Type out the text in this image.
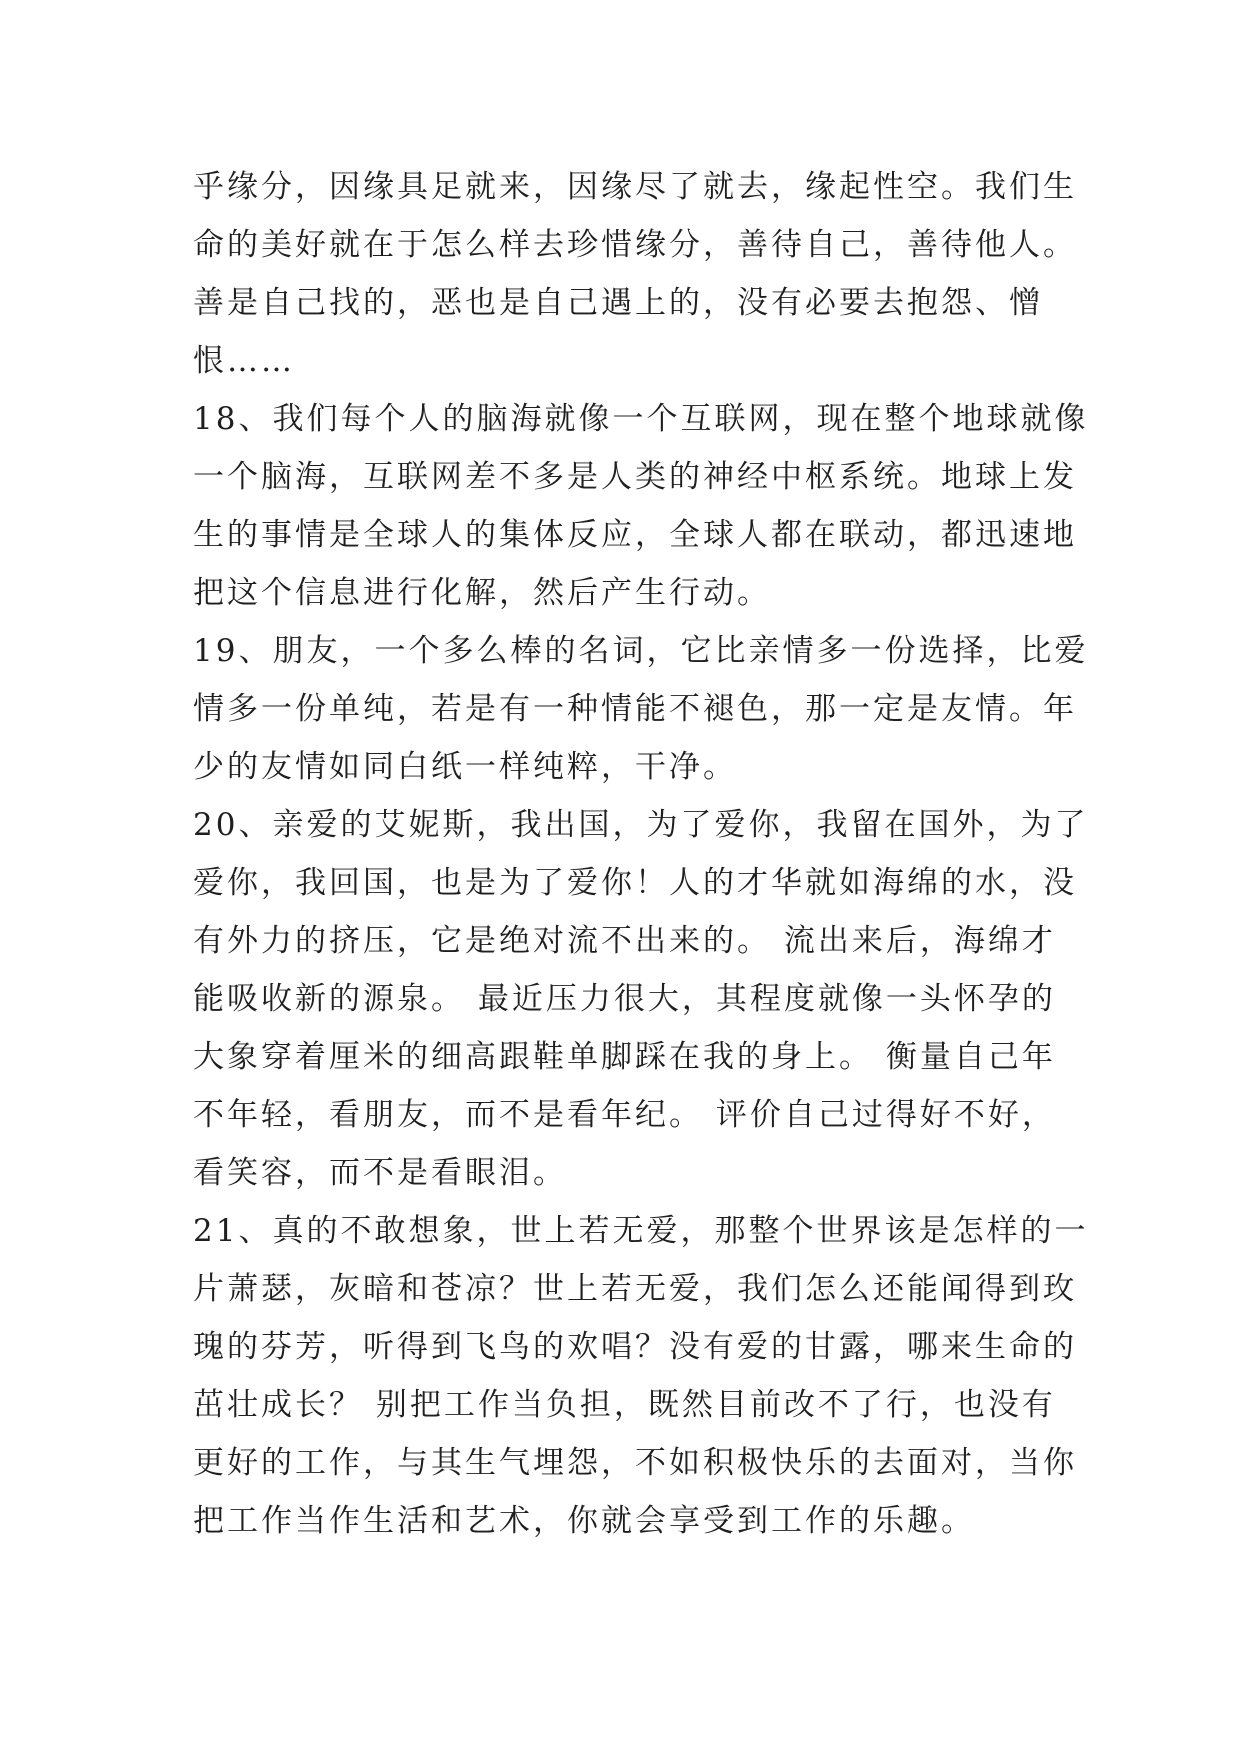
乎缘分，因缘具足就来，因缘尽了就去，缘起性空。我们生
命的美好就在于怎么样去珍惜缘分，善待自己，善待他人。
善是自己找的，恶也是自己遇上的，没有必要去抱怨、憎
恨……
18、我们每个人的脑海就像一个互联网，现在整个地球就像
一个脑海，互联网差不多是人类的神经中枢系统。地球上发
生的事情是全球人的集体反应，全球人都在联动，都迅速地
把这个信息进行化解，然后产生行动。
19、朋友，一个多么棒的名词，它比亲情多一份选择，比爱
情多一份单纯，若是有一种情能不褪色，那一定是友情。年
少的友情如同白纸一样纯粹，干净。
20、亲爱的艾妮斯，我出国，为了爱你，我留在国外，为了
爱你，我回国，也是为了爱你！人的才华就如海绵的水，没
有外力的挤压，它是绝对流不出来的。 流出来后，海绵才
能吸收新的源泉。 最近压力很大，其程度就像一头怀孕的
大象穿着厘米的细高跟鞋单脚踩在我的身上。 衡量自己年
不年轻，看朋友，而不是看年纪。 评价自己过得好不好，
看笑容，而不是看眼泪。
21、真的不敢想象，世上若无爱，那整个世界该是怎样的一
片萧瑟，灰暗和苍凉？世上若无爱，我们怎么还能闻得到玫
瑰的芬芳，听得到飞鸟的欢唱？没有爱的甘露，哪来生命的
茁壮成长？ 别把工作当负担，既然目前改不了行，也没有
更好的工作，与其生气埋怨，不如积极快乐的去面对，当你
把工作当作生活和艺术，你就会享受到工作的乐趣。
